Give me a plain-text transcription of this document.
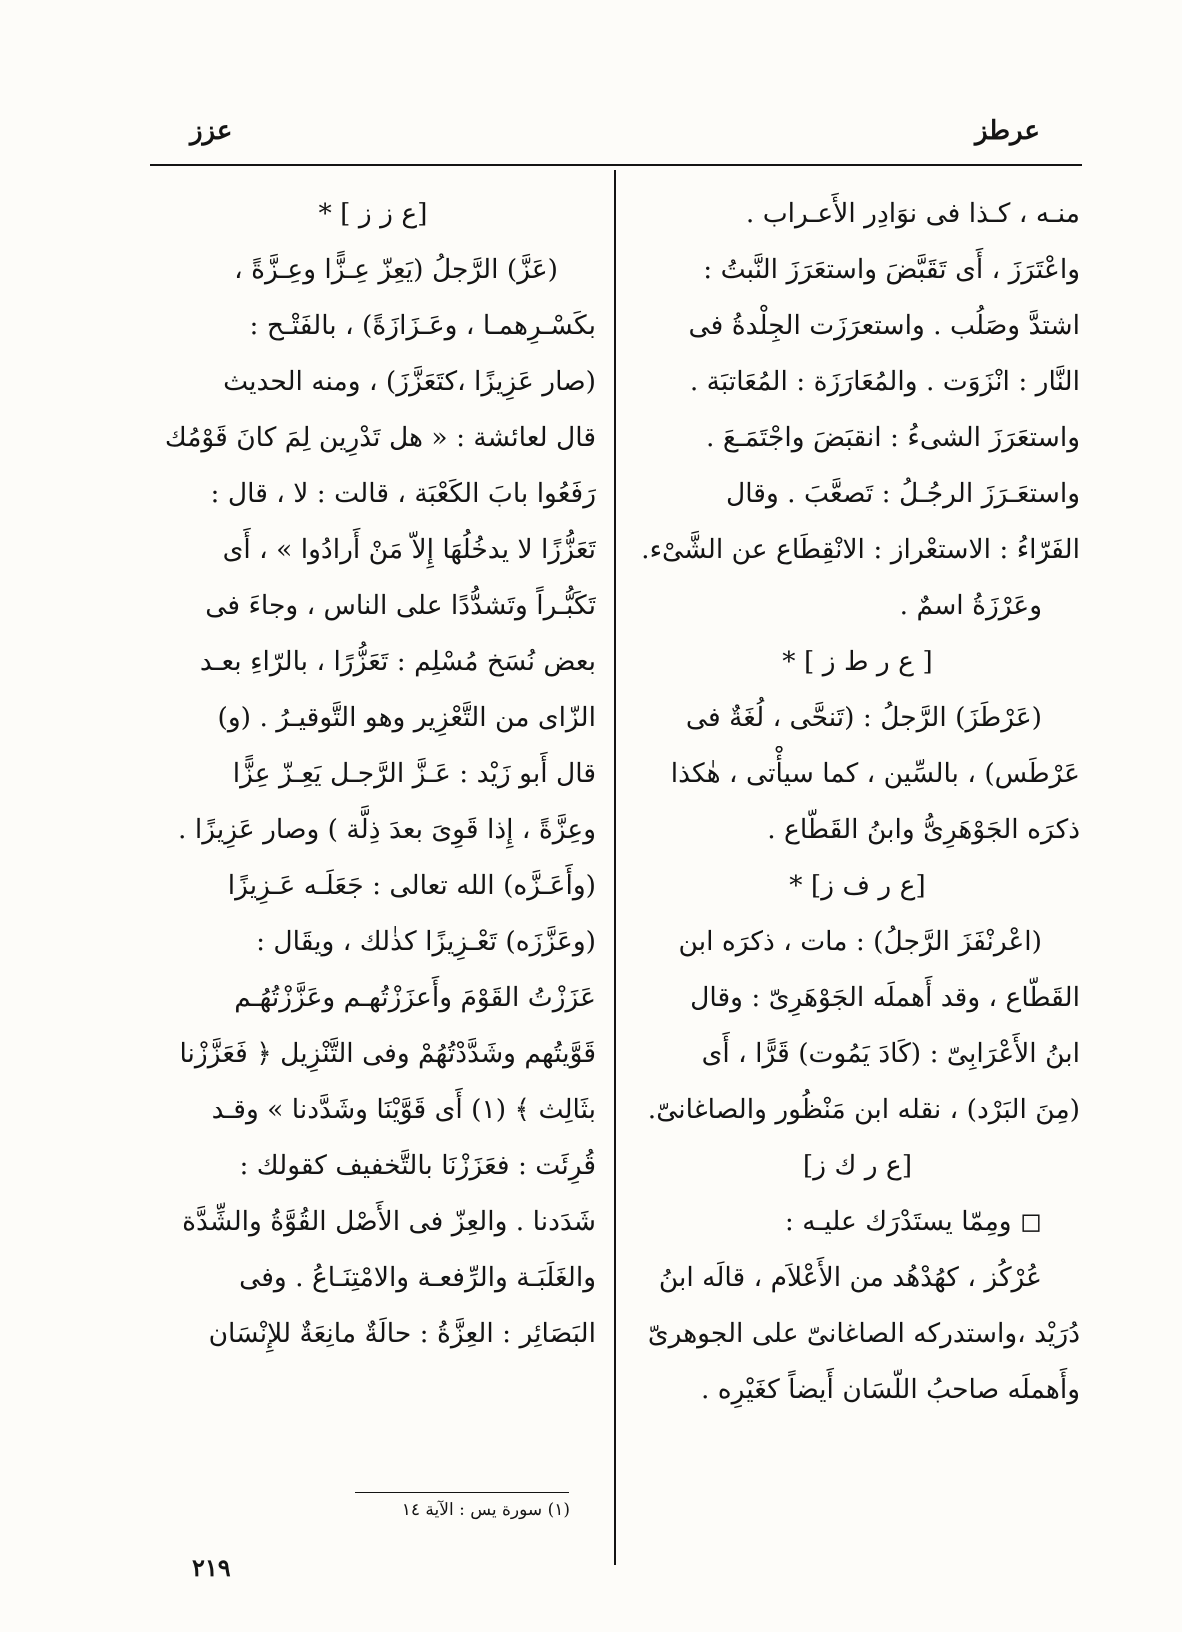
عرطز
عزز
منـه ، كـذا فى نوَادِر الأَعـراب .
واعْتَرَزَ ، أَى تَقَبَّضَ واستعَرَزَ النَّبتُ :
اشتدَّ وصَلُب . واستعرَزَت الجِلْدةُ فى
النَّار : انْزَوَت . والمُعَارَزَة : المُعَاتبَة .
واستعَرَزَ الشىءُ : انقبَضَ واجْتَمَـعَ .
واستعَـرَزَ الرجُـلُ : تَصعَّبَ . وقال
الفَرّاءُ : الاستعْراز : الانْقِطَاع عن الشَّىْء.
وعَرْزَةُ اسمٌ .
[ ع ر ط ز ] *
(عَرْطَزَ) الرَّجلُ : (تَنحَّى ، لُغَةٌ فى
عَرْطَس) ، بالسِّين ، كما سيأْتى ، هٰكذا
ذكرَه الجَوْهَرِىُّ وابنُ القَطّاع .
[ع ر ف ز] *
(اعْرنْفَزَ الرَّجلُ) : مات ، ذكرَه ابن
القَطّاع ، وقد أَهملَه الجَوْهَرِىّ : وقال
ابنُ الأَعْرَابِىّ : (كَادَ يَمُوت) قَرًّا ، أَى
(مِنَ البَرْد) ، نقله ابن مَنْظُور والصاغانىّ.
[ع ر ك ز]
◻ ومِمّا يستَدْرَك عليـه :
عُرْكُز ، كهُدْهُد من الأَعْلاَم ، قالَه ابنُ
دُرَيْد ،واستدركه الصاغانىّ على الجوهرىّ
وأَهملَه صاحبُ اللّسَان أَيضاً كغَيْرِه .
[ع ز ز ] *
(عَزَّ) الرَّجلُ (يَعِزّ عِـزًّا وعِـزَّةً ،
بكَسْـرِهمـا ، وعَـزَازَةً) ، بالفَتْـح :
(صار عَزِيزًا ،كتَعَزَّزَ) ، ومنه الحديث
قال لعائشة : « هل تَدْرِين لِمَ كانَ قَوْمُك
رَفَعُوا بابَ الكَعْبَة ، قالت : لا ، قال :
تَعَزُّزًا لا يدخُلُهَا إِلاّ مَنْ أَرادُوا » ، أَى
تَكَبُّـراً وتَشدُّدًا على الناس ، وجاءَ فى
بعض نُسَخ مُسْلِم : تَعَزُّرًا ، بالرّاءِ بعـد
الزّاى من التَّعْزِير وهو التَّوقيـرُ . (و)
قال أَبو زَيْد : عَـزَّ الرَّجـل يَعِـزّ عِزًّا
وعِزَّةً ، إِذا قَوِىَ بعدَ ذِلَّة ) وصار عَزِيزًا .
(وأَعَـزَّه) الله تعالى : جَعَلَـه عَـزِيزًا
(وعَزَّزَه) تَعْـزِيزًا كذٰلك ، ويقَال :
عَزَزْتُ القَوْمَ وأَعزَزْتُهـم وعَزَّزْتُهُـم
قَوَّيتُهم وشَدَّدْتُهُمْ وفى التَّنْزِيل ﴿ فَعَزَّزْنا
بثَالِث ﴾ (١) أَى قَوَّيْنَا وشَدَّدنا » وقـد
قُرِئَت : فعَزَزْنَا بالتَّخفيف كقولك :
شَدَدنا . والعِزّ فى الأَصْل القُوَّةُ والشِّدَّة
والغَلَبَـة والرِّفعـة والامْتِنَـاعُ . وفى
البَصَائِر : العِزَّةُ : حالَةٌ مانِعَةٌ للإِنْسَان
(١) سورة يس : الآية ١٤
٢١٩
